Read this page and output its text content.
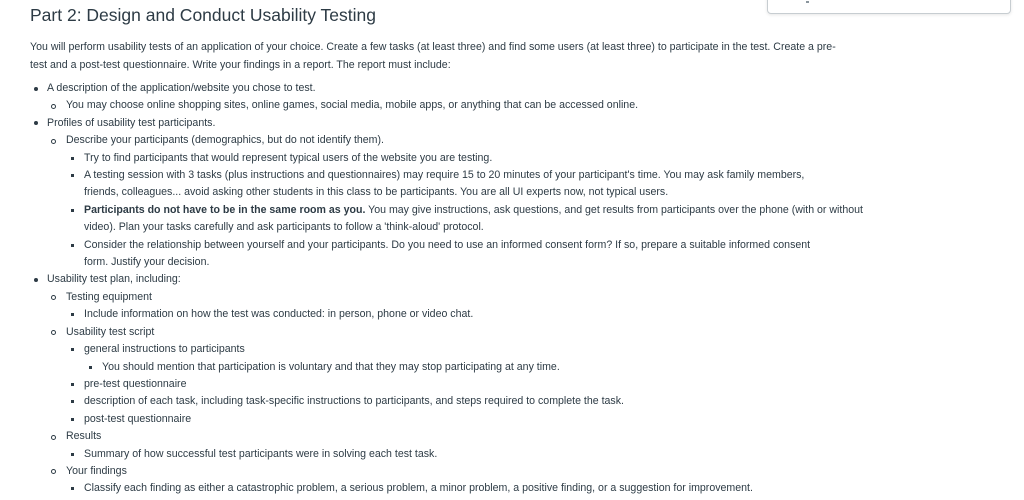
Part 2: Design and Conduct Usability Testing

You will perform usability tests of an application of your choice. Create a few tasks (at least three) and find some users (at least three) to participate in the test. Create a pre-test and a post-test questionnaire. Write your findings in a report. The report must include:

A description of the application/website you chose to test.
You may choose online shopping sites, online games, social media, mobile apps, or anything that can be accessed online.
Profiles of usability test participants.
Describe your participants (demographics, but do not identify them).
Try to find participants that would represent typical users of the website you are testing.
A testing session with 3 tasks (plus instructions and questionnaires) may require 15 to 20 minutes of your participant's time. You may ask family members, friends, colleagues... avoid asking other students in this class to be participants. You are all UI experts now, not typical users.
Participants do not have to be in the same room as you. You may give instructions, ask questions, and get results from participants over the phone (with or without video). Plan your tasks carefully and ask participants to follow a 'think-aloud' protocol.
Consider the relationship between yourself and your participants. Do you need to use an informed consent form? If so, prepare a suitable informed consent form. Justify your decision.
Usability test plan, including:
Testing equipment
Include information on how the test was conducted: in person, phone or video chat.
Usability test script
general instructions to participants
You should mention that participation is voluntary and that they may stop participating at any time.
pre-test questionnaire
description of each task, including task-specific instructions to participants, and steps required to complete the task.
post-test questionnaire
Results
Summary of how successful test participants were in solving each test task.
Your findings
Classify each finding as either a catastrophic problem, a serious problem, a minor problem, a positive finding, or a suggestion for improvement.
